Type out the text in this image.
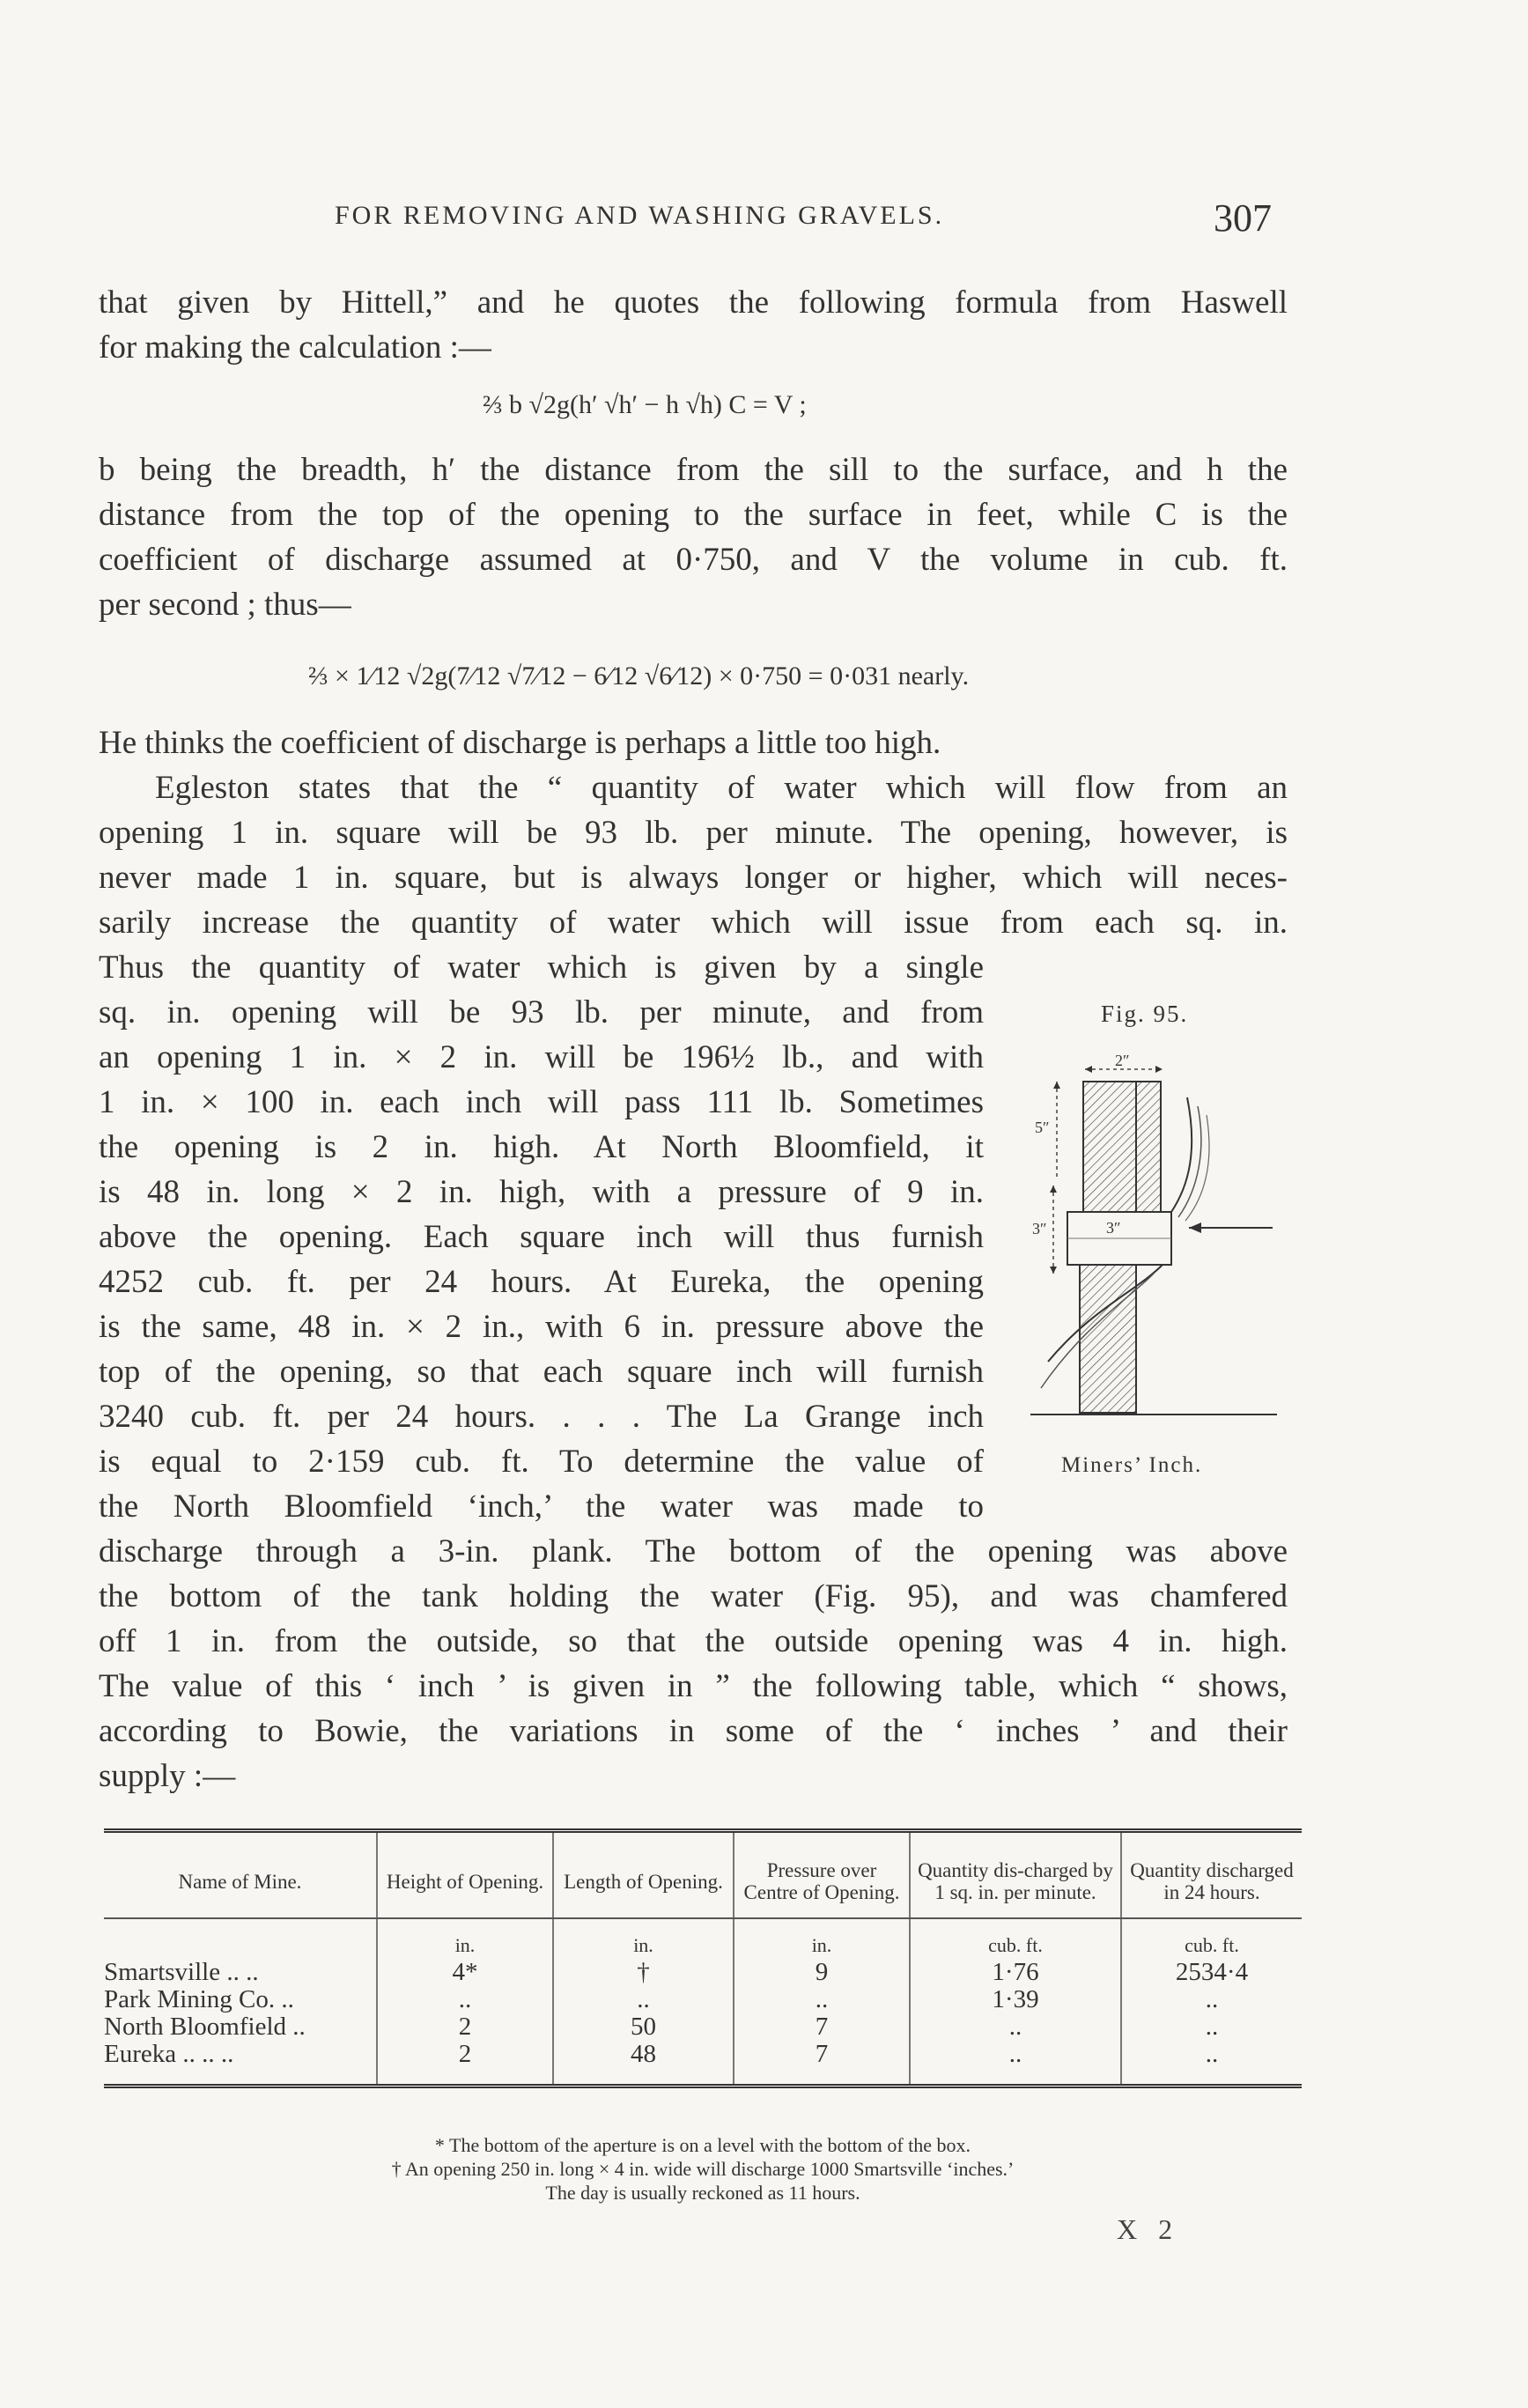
FOR REMOVING AND WASHING GRAVELS.	307
that given by Hittell,” and he quotes the following formula from Haswell
for making the calculation :—
⅔ b √2g(h′ √h′ − h √h) C = V ;
b being the breadth, h′ the distance from the sill to the surface, and h the
distance from the top of the opening to the surface in feet, while C is the
coefficient of discharge assumed at 0·750, and V the volume in cub. ft.
per second ; thus—
⅔ × 1⁄12 √2g(7⁄12 √7⁄12 − 6⁄12 √6⁄12) × 0·750 = 0·031 nearly.
He thinks the coefficient of discharge is perhaps a little too high.
Egleston states that the “ quantity of water which will flow from an
opening 1 in. square will be 93 lb. per minute. The opening, however, is
never made 1 in. square, but is always longer or higher, which will neces-
sarily increase the quantity of water which will issue from each sq. in.
Thus the quantity of water which is given by a single
sq. in. opening will be 93 lb. per minute, and from
an opening 1 in. × 2 in. will be 196½ lb., and with
1 in. × 100 in. each inch will pass 111 lb. Sometimes
the opening is 2 in. high. At North Bloomfield, it
is 48 in. long × 2 in. high, with a pressure of 9 in.
above the opening. Each square inch will thus furnish
4252 cub. ft. per 24 hours. At Eureka, the opening
is the same, 48 in. × 2 in., with 6 in. pressure above the
top of the opening, so that each square inch will furnish
3240 cub. ft. per 24 hours. . . . The La Grange inch
is equal to 2·159 cub. ft. To determine the value of
the North Bloomfield ‘inch,’ the water was made to
discharge through a 3-in. plank. The bottom of the opening was above
the bottom of the tank holding the water (Fig. 95), and was chamfered
off 1 in. from the outside, so that the outside opening was 4 in. high.
The value of this ‘ inch ’ is given in ” the following table, which “ shows,
according to Bowie, the variations in some of the ‘ inches ’ and their
supply :—
Fig. 95.
2″
5″
3″	3″
Miners’ Inch.
Name of Mine.	Height of Opening.	Length of Opening.	Pressure over Centre of Opening.	Quantity dis-charged by 1 sq. in. per minute.	Quantity discharged in 24 hours.
	in.	in.	in.	cub. ft.	cub. ft.
Smartsville .. ..	4*	†	9	1·76	2534·4
Park Mining Co. ..	..	..	..	1·39	..
North Bloomfield ..	2	50	7	..	..
Eureka .. .. ..	2	48	7	..	..

* The bottom of the aperture is on a level with the bottom of the box.
† An opening 250 in. long × 4 in. wide will discharge 1000 Smartsville ‘inches.’
The day is usually reckoned as 11 hours.
X 2
